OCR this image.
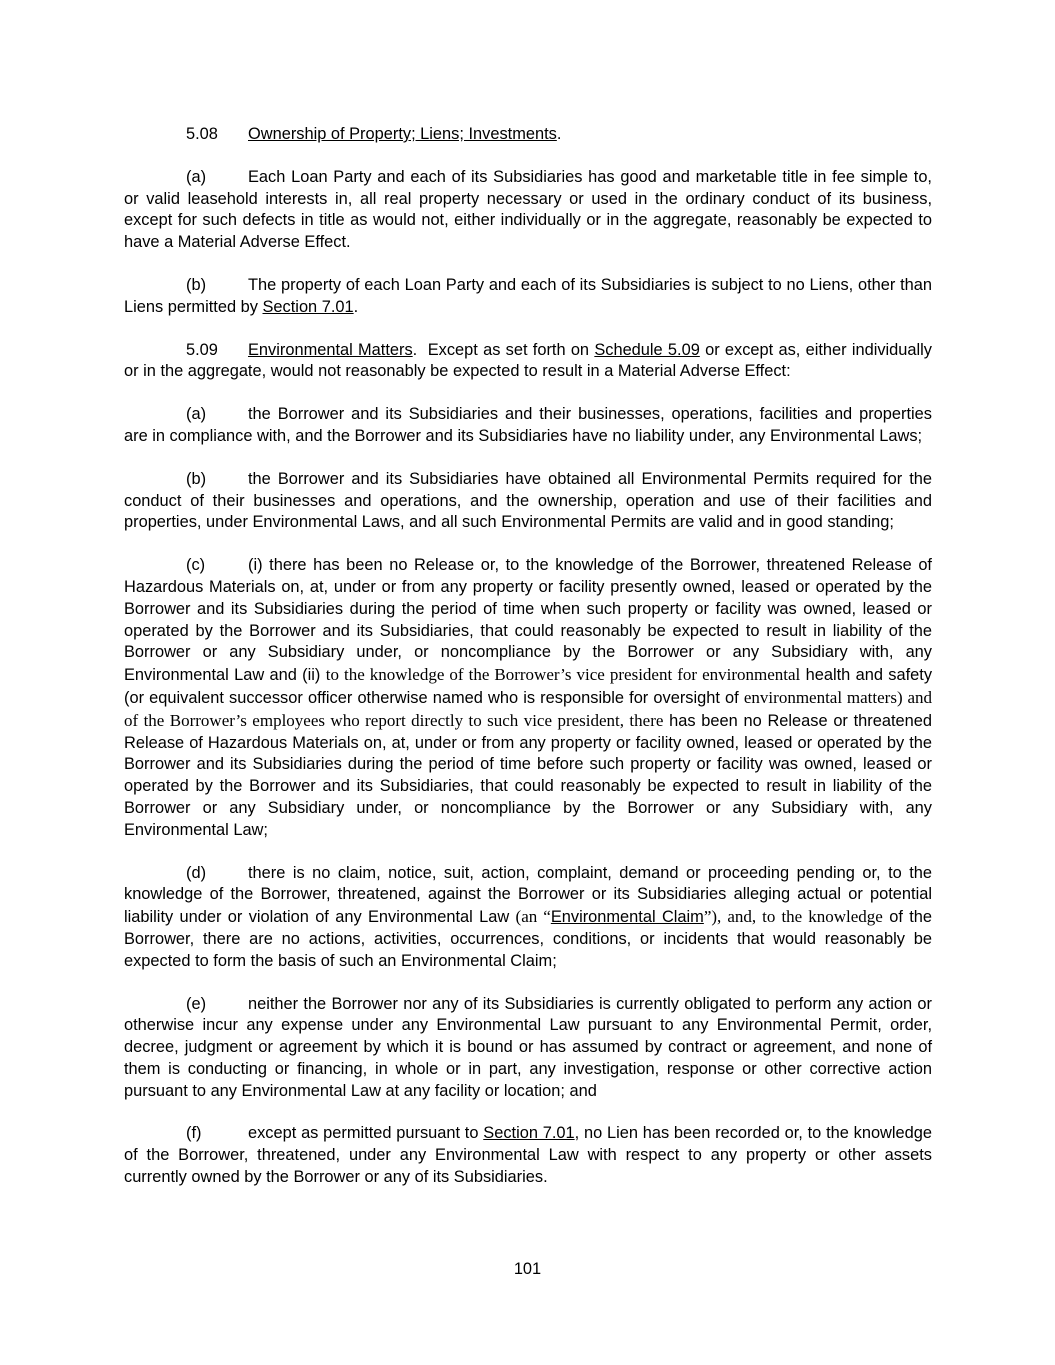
5.08 Ownership of Property; Liens; Investments.

(a)	Each Loan Party and each of its Subsidiaries has good and marketable title in fee simple to, or valid leasehold interests in, all real property necessary or used in the ordinary conduct of its business, except for such defects in title as would not, either individually or in the aggregate, reasonably be expected to have a Material Adverse Effect.

(b)	The property of each Loan Party and each of its Subsidiaries is subject to no Liens, other than Liens permitted by Section 7.01.

5.09 Environmental Matters.  Except as set forth on Schedule 5.09 or except as, either individually or in the aggregate, would not reasonably be expected to result in a Material Adverse Effect:

(a)	the Borrower and its Subsidiaries and their businesses, operations, facilities and properties are in compliance with, and the Borrower and its Subsidiaries have no liability under, any Environmental Laws;

(b)	the Borrower and its Subsidiaries have obtained all Environmental Permits required for the conduct of their businesses and operations, and the ownership, operation and use of their facilities and properties, under Environmental Laws, and all such Environmental Permits are valid and in good standing;

(c)	(i) there has been no Release or, to the knowledge of the Borrower, threatened Release of Hazardous Materials on, at, under or from any property or facility presently owned, leased or operated by the Borrower and its Subsidiaries during the period of time when such property or facility was owned, leased or operated by the Borrower and its Subsidiaries, that could reasonably be expected to result in liability of the Borrower or any Subsidiary under, or noncompliance by the Borrower or any Subsidiary with, any Environmental Law and (ii) to the knowledge of the Borrower’s vice president for environmental health and safety (or equivalent successor officer otherwise named who is responsible for oversight of environmental matters) and of the Borrower’s employees who report directly to such vice president, there has been no Release or threatened Release of Hazardous Materials on, at, under or from any property or facility owned, leased or operated by the Borrower and its Subsidiaries during the period of time before such property or facility was owned, leased or operated by the Borrower and its Subsidiaries, that could reasonably be expected to result in liability of the Borrower or any Subsidiary under, or noncompliance by the Borrower or any Subsidiary with, any Environmental Law;

(d)	there is no claim, notice, suit, action, complaint, demand or proceeding pending or, to the knowledge of the Borrower, threatened, against the Borrower or its Subsidiaries alleging actual or potential liability under or violation of any Environmental Law (an “Environmental Claim”), and, to the knowledge of the Borrower, there are no actions, activities, occurrences, conditions, or incidents that would reasonably be expected to form the basis of such an Environmental Claim;

(e)	neither the Borrower nor any of its Subsidiaries is currently obligated to perform any action or otherwise incur any expense under any Environmental Law pursuant to any Environmental Permit, order, decree, judgment or agreement by which it is bound or has assumed by contract or agreement, and none of them is conducting or financing, in whole or in part, any investigation, response or other corrective action pursuant to any Environmental Law at any facility or location; and

(f)	except as permitted pursuant to Section 7.01, no Lien has been recorded or, to the knowledge of the Borrower, threatened, under any Environmental Law with respect to any property or other assets currently owned by the Borrower or any of its Subsidiaries.

101
